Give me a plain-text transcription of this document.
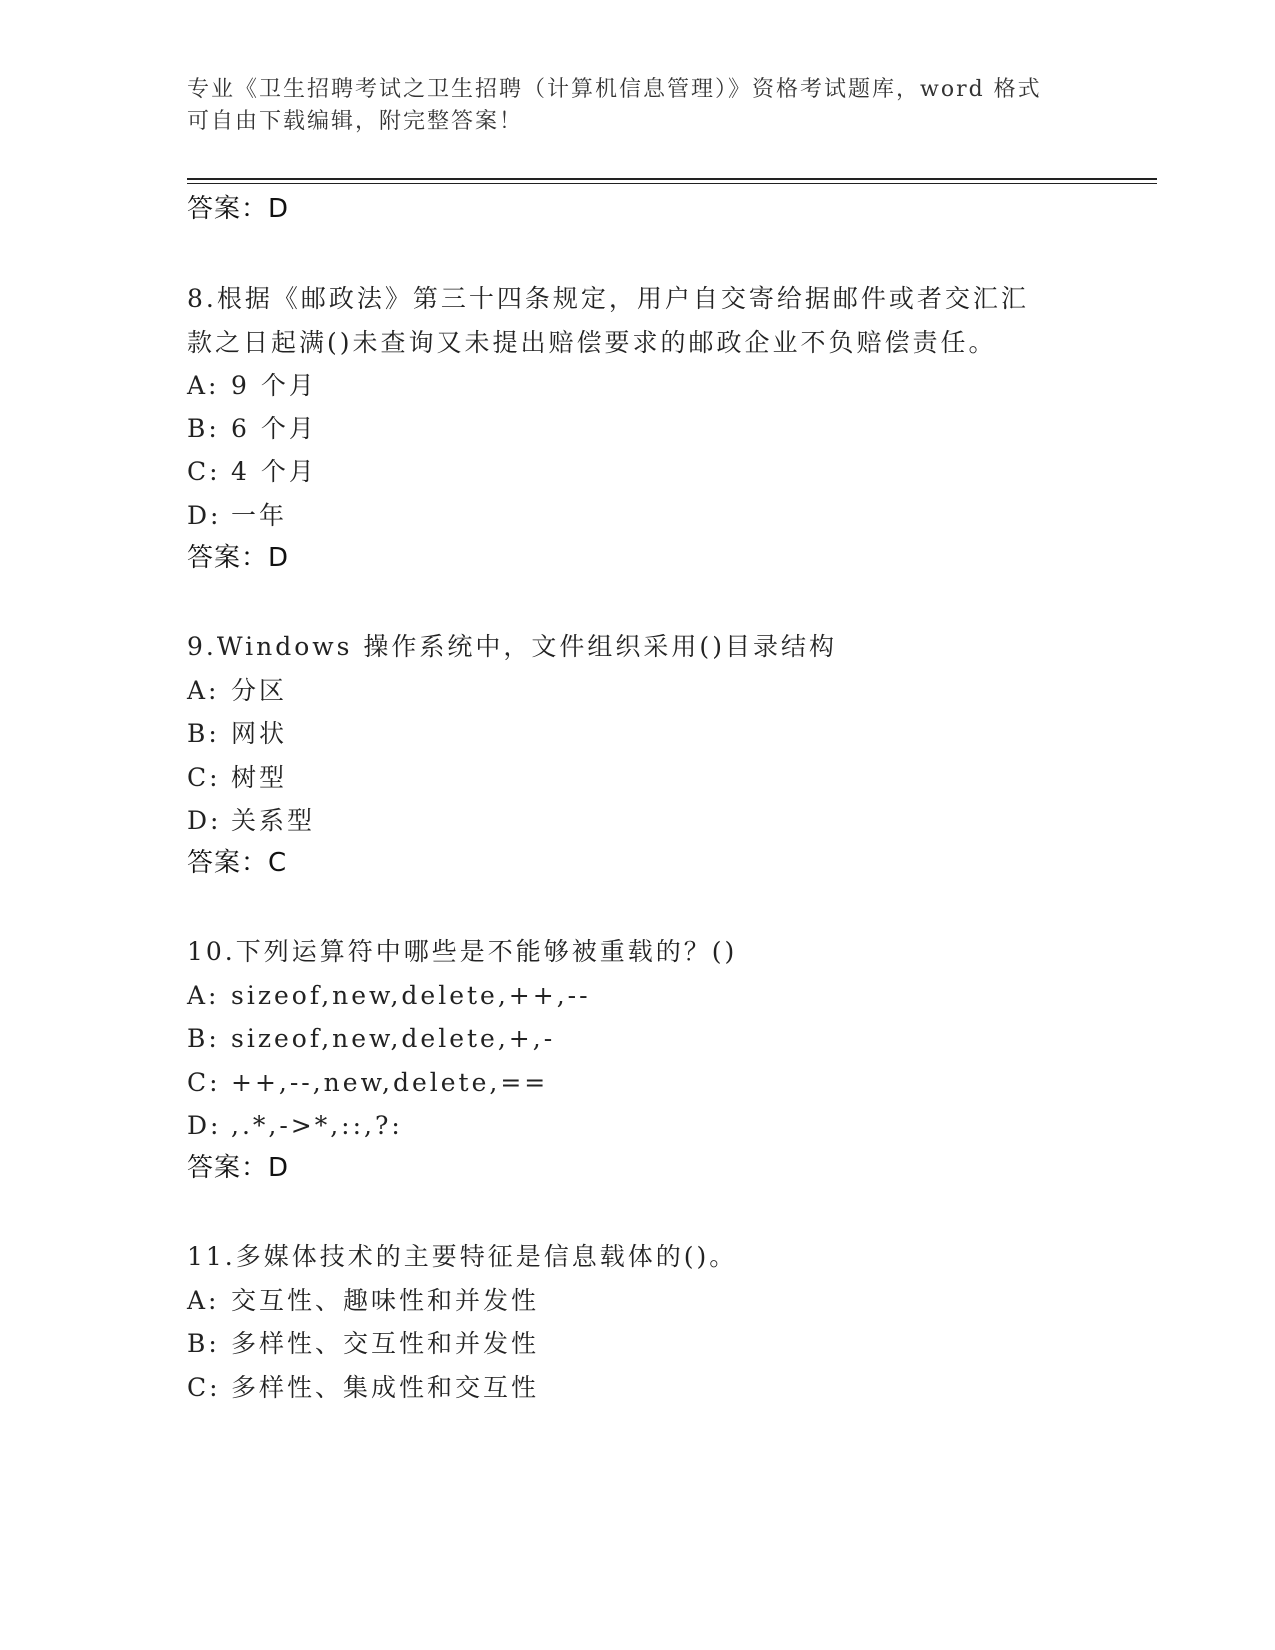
专业《卫生招聘考试之卫生招聘（计算机信息管理）》资格考试题库，word 格式
可自由下载编辑，附完整答案！
答案：D
8.根据《邮政法》第三十四条规定，用户自交寄给据邮件或者交汇汇
款之日起满()未查询又未提出赔偿要求的邮政企业不负赔偿责任。
A: 9 个月
B: 6 个月
C: 4 个月
D: 一年
答案：D
9.Windows 操作系统中，文件组织采用()目录结构
A: 分区
B: 网状
C: 树型
D: 关系型
答案：C
10.下列运算符中哪些是不能够被重载的？()
A: sizeof,new,delete,++,--
B: sizeof,new,delete,+,-
C: ++,--,new,delete,==
D: ,.*,->*,::,?:
答案：D
11.多媒体技术的主要特征是信息载体的()。
A: 交互性、趣味性和并发性
B: 多样性、交互性和并发性
C: 多样性、集成性和交互性
